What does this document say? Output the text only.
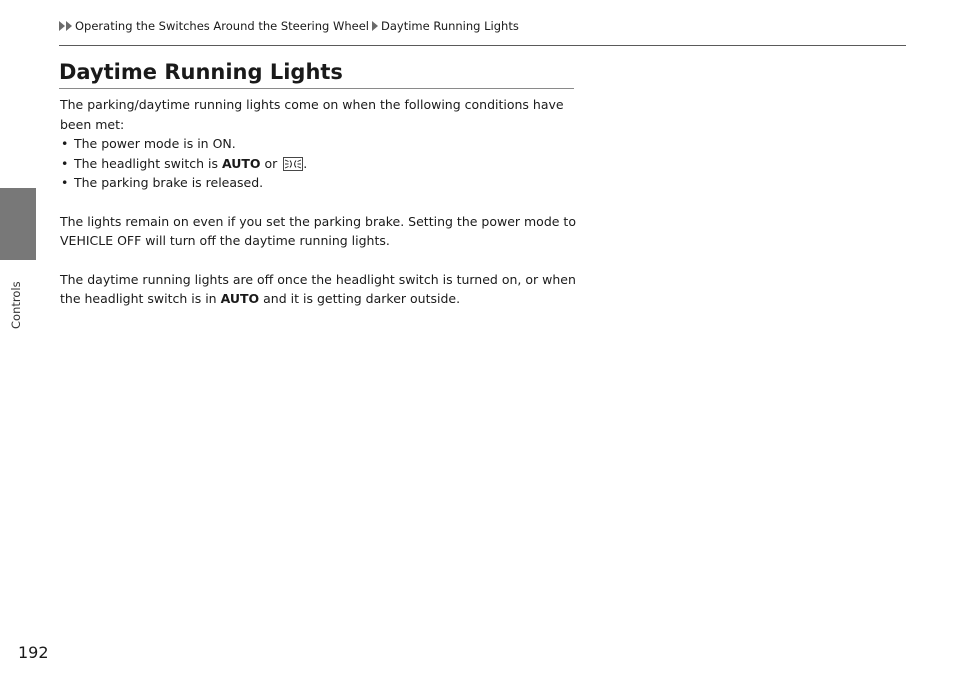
Controls
Operating the Switches Around the Steering Wheel Daytime Running Lights
Daytime Running Lights

The parking/daytime running lights come on when the following conditions have
been met:

• The power mode is in ON.
• The headlight switch is AUTO or .
• The parking brake is released.

The lights remain on even if you set the parking brake. Setting the power mode to
VEHICLE OFF will turn off the daytime running lights.

The daytime running lights are off once the headlight switch is turned on, or when
the headlight switch is in AUTO and it is getting darker outside.

192
